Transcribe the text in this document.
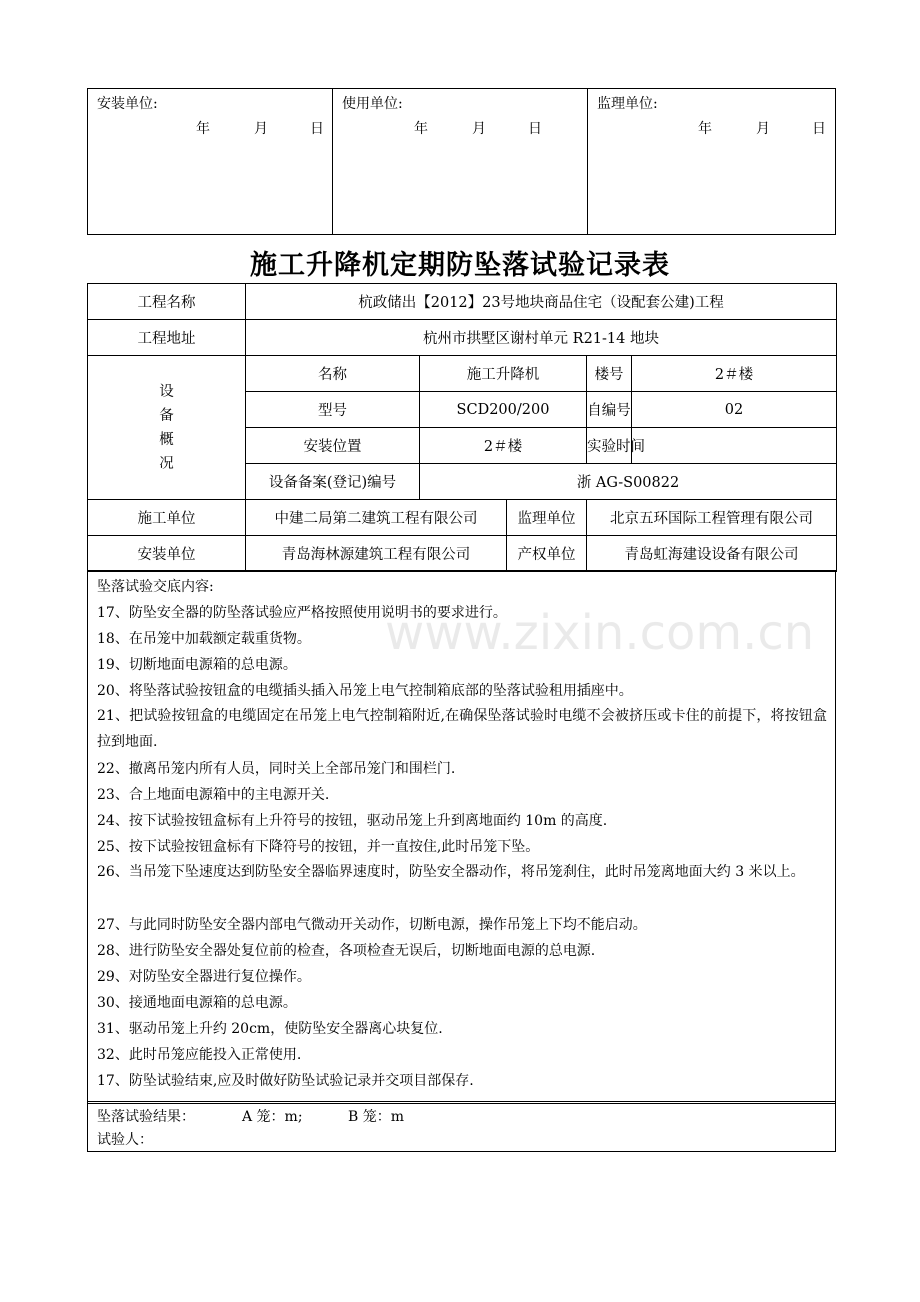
安装单位:
年	月	日

使用单位:
年	月	日

监理单位:
年	月	日
施工升降机定期防坠落试验记录表
工程名称	杭政储出【2012】23号地块商品住宅（设配套公建)工程				
工程地址	杭州市拱墅区谢村单元 R21-14 地块				

设
备
概
况	名称	施工升降机		楼号	2＃楼
	型号	SCD200/200		自编号	02
	安装位置	2＃楼		实验时间	
	设备备案(登记)编号	浙 AG-S00822			
施工单位	中建二局第二建筑工程有限公司		监理单位	北京五环国际工程管理有限公司	
安装单位	青岛海林源建筑工程有限公司		产权单位	青岛虹海建设设备有限公司	
坠落试验交底内容:
17、防坠安全器的防坠落试验应严格按照使用说明书的要求进行。
18、在吊笼中加载额定载重货物。
19、切断地面电源箱的总电源。
20、将坠落试验按钮盒的电缆插头插入吊笼上电气控制箱底部的坠落试验租用插座中。
21、把试验按钮盒的电缆固定在吊笼上电气控制箱附近,在确保坠落试验时电缆不会被挤压或卡住的前提下，将按钮盒拉到地面.
22、撤离吊笼内所有人员，同时关上全部吊笼门和围栏门.
23、合上地面电源箱中的主电源开关.
24、按下试验按钮盒标有上升符号的按钮，驱动吊笼上升到离地面约 10m 的高度.
25、按下试验按钮盒标有下降符号的按钮，并一直按住,此时吊笼下坠。
26、当吊笼下坠速度达到防坠安全器临界速度时，防坠安全器动作，将吊笼刹住，此时吊笼离地面大约 3 米以上。
27、与此同时防坠安全器内部电气微动开关动作，切断电源，操作吊笼上下均不能启动。
28、进行防坠安全器处复位前的检查，各项检查无误后，切断地面电源的总电源.
29、对防坠安全器进行复位操作。
30、接通地面电源箱的总电源。
31、驱动吊笼上升约 20cm，使防坠安全器离心块复位.
32、此时吊笼应能投入正常使用.
17、防坠试验结束,应及时做好防坠试验记录并交项目部保存.
www.zixin.com.cn
坠落试验结果：	A 笼：m;	B 笼：m
试验人：
